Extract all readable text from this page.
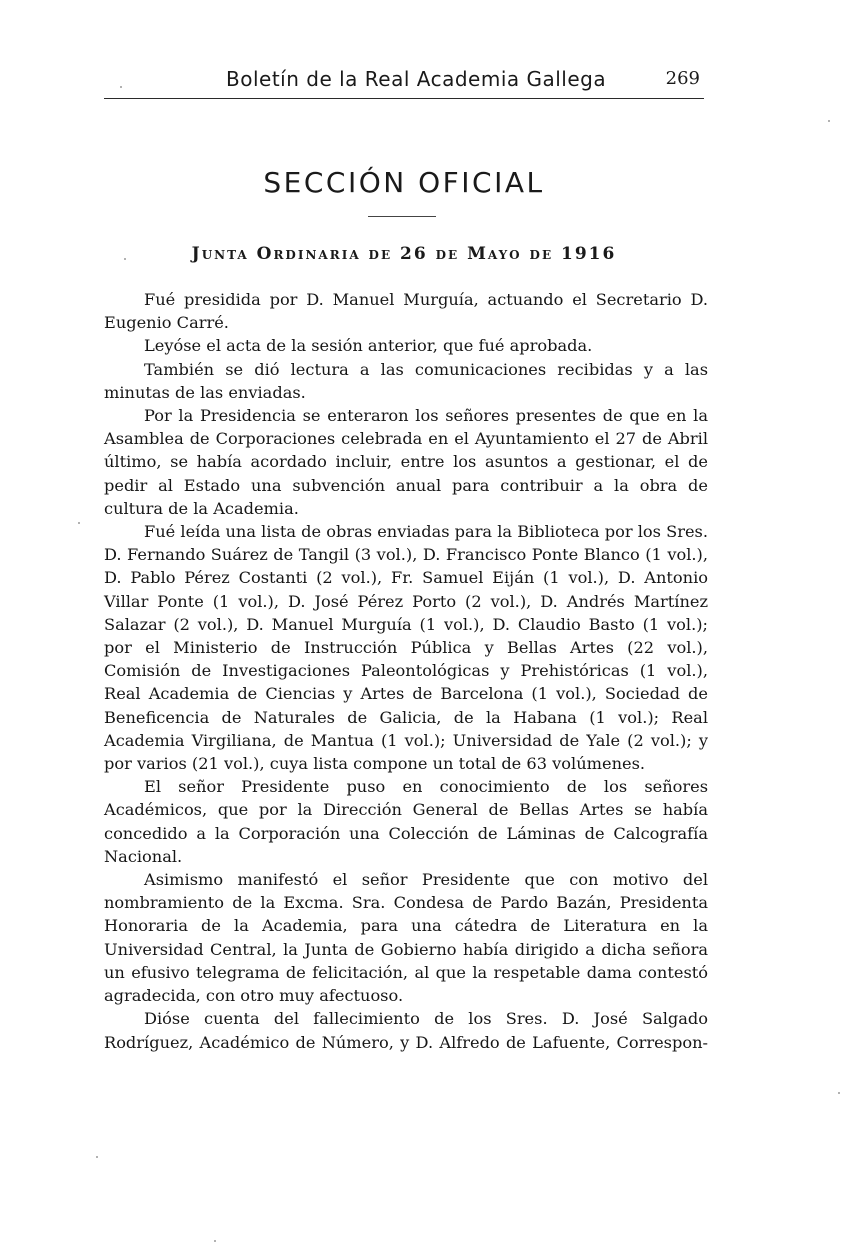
Boletín de la Real Academia Gallega	269
SECCIÓN OFICIAL
Junta Ordinaria de 26 de Mayo de 1916

Fué presidida por D. Manuel Murguía, actuando el Secretario D. Eugenio Carré.

Leyóse el acta de la sesión anterior, que fué aprobada.

También se dió lectura a las comunicaciones recibidas y a las minutas de las enviadas.

Por la Presidencia se enteraron los señores presentes de que en la Asamblea de Corporaciones celebrada en el Ayuntamiento el 27 de Abril último, se había acordado incluir, entre los asuntos a gestionar, el de pedir al Estado una subvención anual para contribuir a la obra de cultura de la Academia.

Fué leída una lista de obras enviadas para la Biblioteca por los Sres. D. Fernando Suárez de Tangil (3 vol.), D. Francisco Ponte Blanco (1 vol.), D. Pablo Pérez Costanti (2 vol.), Fr. Samuel Eiján (1 vol.), D. Antonio Villar Ponte (1 vol.), D. José Pérez Porto (2 vol.), D. Andrés Martínez Salazar (2 vol.), D. Manuel Murguía (1 vol.), D. Claudio Basto (1 vol.); por el Ministerio de Instrucción Pública y Bellas Artes (22 vol.), Comisión de Investigaciones Paleontológicas y Prehistóricas (1 vol.), Real Academia de Ciencias y Artes de Barcelona (1 vol.), Sociedad de Beneficencia de Naturales de Galicia, de la Habana (1 vol.); Real Academia Virgiliana, de Mantua (1 vol.); Universidad de Yale (2 vol.); y por varios (21 vol.), cuya lista compone un total de 63 volúmenes.

El señor Presidente puso en conocimiento de los señores Académicos, que por la Dirección General de Bellas Artes se había concedido a la Corporación una Colección de Láminas de Calcografía Nacional.

Asimismo manifestó el señor Presidente que con motivo del nombramiento de la Excma. Sra. Condesa de Pardo Bazán, Presidenta Honoraria de la Academia, para una cátedra de Literatura en la Universidad Central, la Junta de Gobierno había dirigido a dicha señora un efusivo telegrama de felicitación, al que la respetable dama contestó agradecida, con otro muy afectuoso.

Dióse cuenta del fallecimiento de los Sres. D. José Salgado Rodríguez, Académico de Número, y D. Alfredo de Lafuente, Correspon-
